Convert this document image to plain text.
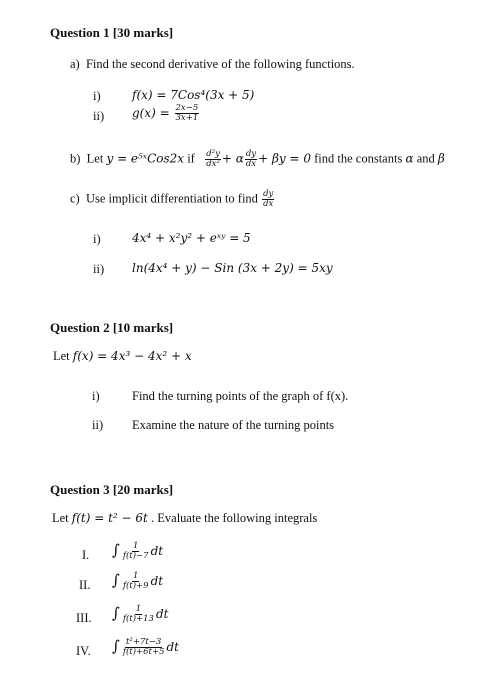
Question 1 [30 marks]
a) Find the second derivative of the following functions.
i)	f(x) = 7Cos⁴(3x + 5)
ii) $g(x) = \frac{2x-5}{3x+1}$
b) Let y = e⁵ˣCos2x if $\frac{\text{d²y}}{\text{dx²}} + \alpha \frac{dy}{dx} + \beta y = 0$ find the constants α and β
c) Use implicit differentiation to find $\frac{dy}{dx}$
i)	4x⁴ + x²y² + eˣʸ = 5
ii) ln(4x⁴ + y) − Sin (3x + 2y) = 5xy
Question 2 [10 marks]
Let f(x) = 4x³ − 4x² + x
i)	Find the turning points of the graph of f(x).
ii) Examine the nature of the turning points
Question 3 [20 marks]
Let f(t) = t² − 6t . Evaluate the following integrals
I. ∫ $\frac{1}{f(t)-7}$ dt
II. ∫ $\frac{1}{f(t)+9}$ dt
III. ∫ $\frac{1}{f(t)+13}$ dt
IV. ∫ $\frac{\text{t²+7t−3}}{f(t)+6t+5}$ dt
